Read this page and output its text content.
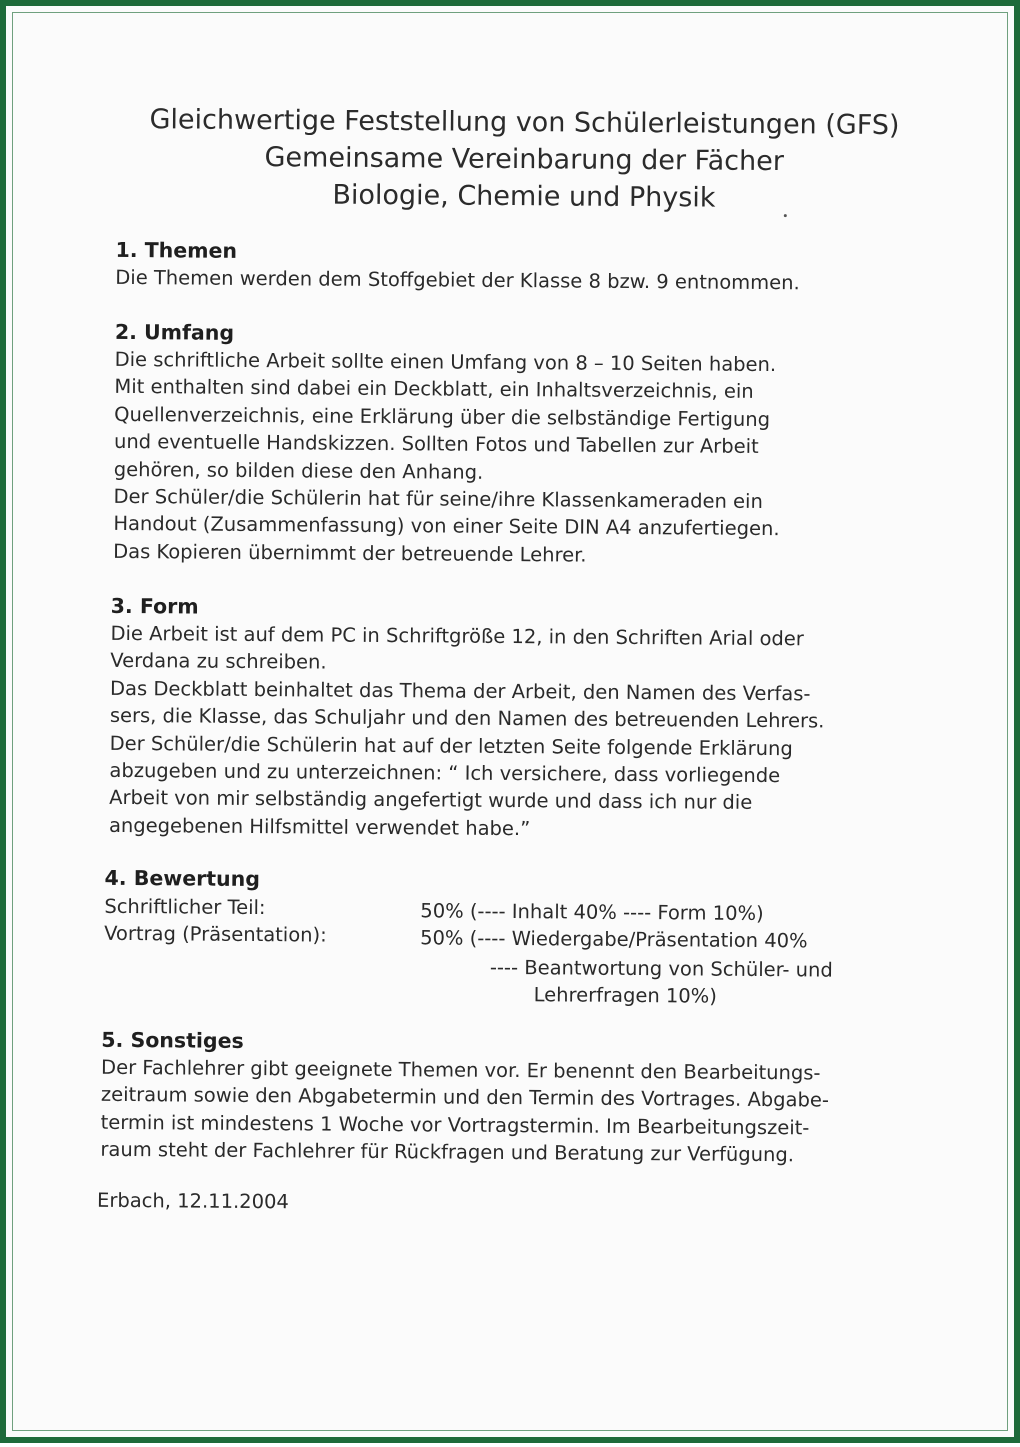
Gleichwertige Feststellung von Schülerleistungen (GFS)
Gemeinsame Vereinbarung der Fächer
Biologie, Chemie und Physik
1. Themen
Die Themen werden dem Stoffgebiet der Klasse 8 bzw. 9 entnommen.
2. Umfang
Die schriftliche Arbeit sollte einen Umfang von 8 – 10 Seiten haben.
Mit enthalten sind dabei ein Deckblatt, ein Inhaltsverzeichnis, ein
Quellenverzeichnis, eine Erklärung über die selbständige Fertigung
und eventuelle Handskizzen. Sollten Fotos und Tabellen zur Arbeit
gehören, so bilden diese den Anhang.
Der Schüler/die Schülerin hat für seine/ihre Klassenkameraden ein
Handout (Zusammenfassung) von einer Seite DIN A4 anzufertiegen.
Das Kopieren übernimmt der betreuende Lehrer.
3. Form
Die Arbeit ist auf dem PC in Schriftgröße 12, in den Schriften Arial oder
Verdana zu schreiben.
Das Deckblatt beinhaltet das Thema der Arbeit, den Namen des Verfas-
sers, die Klasse, das Schuljahr und den Namen des betreuenden Lehrers.
Der Schüler/die Schülerin hat auf der letzten Seite folgende Erklärung
abzugeben und zu unterzeichnen: “ Ich versichere, dass vorliegende
Arbeit von mir selbständig angefertigt wurde und dass ich nur die
angegebenen Hilfsmittel verwendet habe.”
4. Bewertung
Schriftlicher Teil:	50% (---- Inhalt 40% ---- Form 10%)
Vortrag (Präsentation):	50% (---- Wiedergabe/Präsentation 40%
---- Beantwortung von Schüler- und
Lehrerfragen 10%)
5. Sonstiges
Der Fachlehrer gibt geeignete Themen vor. Er benennt den Bearbeitungs-
zeitraum sowie den Abgabetermin und den Termin des Vortrages. Abgabe-
termin ist mindestens 1 Woche vor Vortragstermin. Im Bearbeitungszeit-
raum steht der Fachlehrer für Rückfragen und Beratung zur Verfügung.
Erbach, 12.11.2004
